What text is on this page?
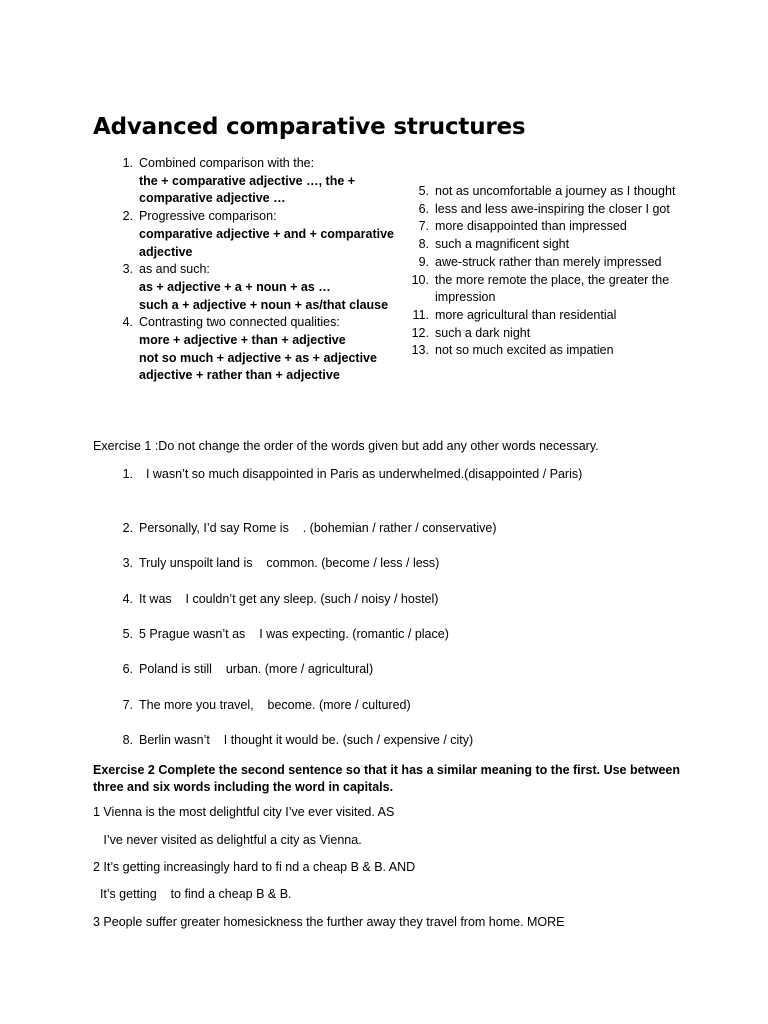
Advanced comparative structures
1. Combined comparison with the:
the + comparative adjective …, the + comparative adjective …
2. Progressive comparison:
comparative adjective + and + comparative adjective
3. as and such:
as + adjective + a + noun + as …
such a + adjective + noun + as/that clause
4. Contrasting two connected qualities:
more + adjective + than + adjective
not so much + adjective + as + adjective
adjective + rather than + adjective
5. not as uncomfortable a journey as I thought
6. less and less awe-inspiring the closer I got
7. more disappointed than impressed
8. such a magnificent sight
9. awe-struck rather than merely impressed
10. the more remote the place, the greater the impression
11. more agricultural than residential
12. such a dark night
13. not so much excited as impatien
Exercise 1 :Do not change the order of the words given but add any other words necessary.
1. I wasn’t so much disappointed in Paris as underwhelmed.(disappointed / Paris)
2. Personally, I’d say Rome is    . (bohemian / rather / conservative)
3. Truly unspoilt land is    common. (become / less / less)
4. It was    I couldn’t get any sleep. (such / noisy / hostel)
5. 5 Prague wasn’t as    I was expecting. (romantic / place)
6. Poland is still    urban. (more / agricultural)
7. The more you travel,    become. (more / cultured)
8. Berlin wasn’t    I thought it would be. (such / expensive / city)
Exercise 2 Complete the second sentence so that it has a similar meaning to the first. Use between three and six words including the word in capitals.
1 Vienna is the most delightful city I’ve ever visited. AS
I’ve never visited as delightful a city as Vienna.
2 It’s getting increasingly hard to fi nd a cheap B & B. AND
It’s getting    to find a cheap B & B.
3 People suffer greater homesickness the further away they travel from home. MORE
